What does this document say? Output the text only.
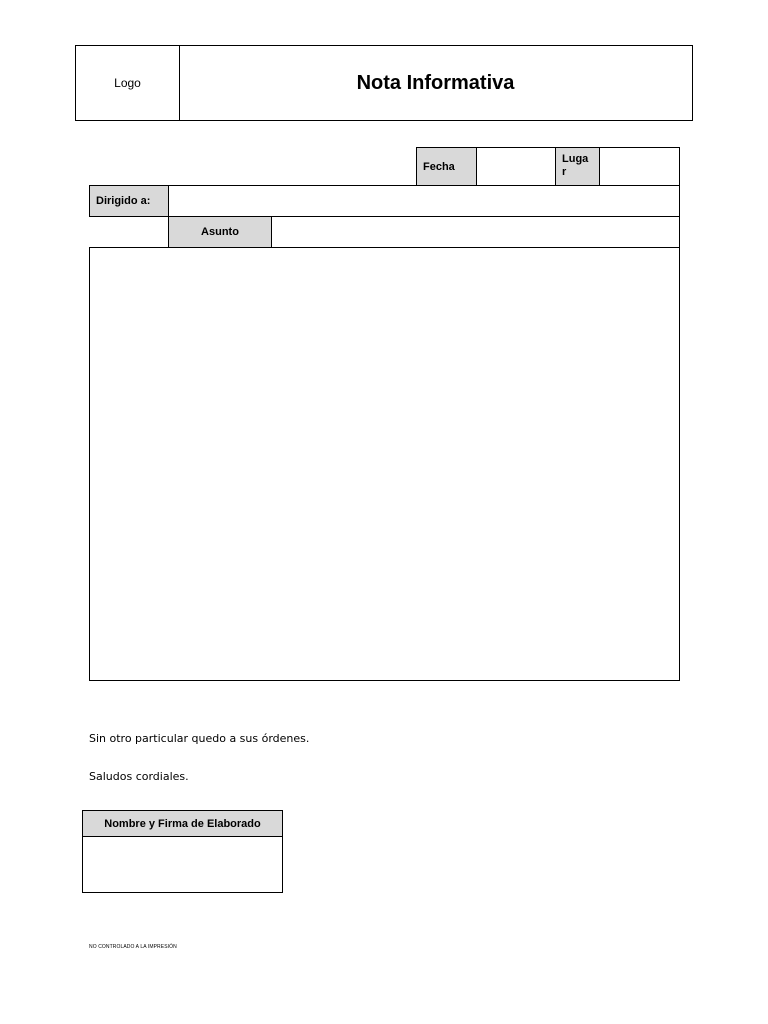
Logo	Nota Informativa
Fecha
Luga
r
Dirigido a:
Asunto
Sin otro particular quedo a sus órdenes.
Saludos cordiales.
Nombre y Firma de Elaborado
NO CONTROLADO A LA IMPRESIÓN
